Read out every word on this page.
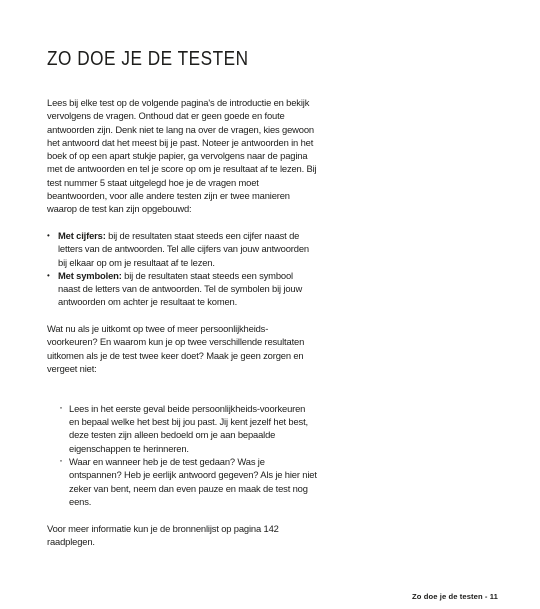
ZO DOE JE DE TESTEN

Lees bij elke test op de volgende pagina's de introductie en bekijk vervolgens de vragen. Onthoud dat er geen goede en foute antwoorden zijn. Denk niet te lang na over de vragen, kies gewoon het antwoord dat het meest bij je past. Noteer je antwoorden in het boek of op een apart stukje papier, ga vervolgens naar de pagina met de antwoorden en tel je score op om je resultaat af te lezen. Bij test nummer 5 staat uitgelegd hoe je de vragen moet beantwoorden, voor alle andere testen zijn er twee manieren waarop de test kan zijn opgebouwd:

• Met cijfers: bij de resultaten staat steeds een cijfer naast de letters van de antwoorden. Tel alle cijfers van jouw antwoorden bij elkaar op om je resultaat af te lezen.
• Met symbolen: bij de resultaten staat steeds een symbool naast de letters van de antwoorden. Tel de symbolen bij jouw antwoorden om achter je resultaat te komen.

Wat nu als je uitkomt op twee of meer persoonlijkheids-voorkeuren? En waarom kun je op twee verschillende resultaten uitkomen als je de test twee keer doet? Maak je geen zorgen en vergeet niet:

· Lees in het eerste geval beide persoonlijkheids-voorkeuren en bepaal welke het best bij jou past. Jij kent jezelf het best, deze testen zijn alleen bedoeld om je aan bepaalde eigenschappen te herinneren.
· Waar en wanneer heb je de test gedaan? Was je ontspannen? Heb je eerlijk antwoord gegeven? Als je hier niet zeker van bent, neem dan even pauze en maak de test nog eens.

Voor meer informatie kun je de bronnenlijst op pagina 142 raadplegen.

Zo doe je de testen - 11
